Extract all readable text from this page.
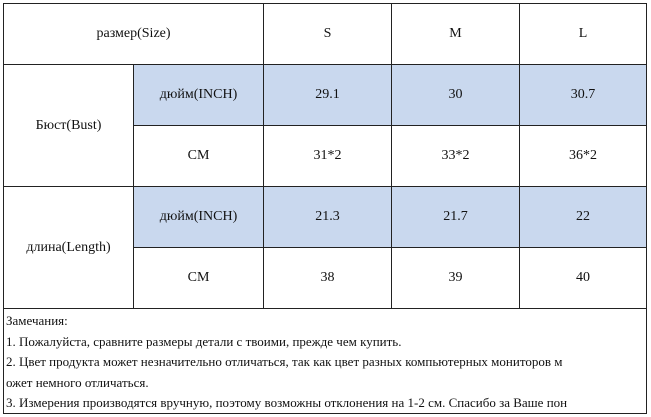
размер(Size)		S	M	L
Бюст(Bust)	дюйм(INCH)	29.1	30	30.7
	CM	31*2	33*2	36*2
длина(Length)	дюйм(INCH)	21.3	21.7	22
	CM	38	39	40
Замечания:
1. Пожалуйста, сравните размеры детали с твоими, прежде чем купить.
2. Цвет продукта может незначительно отличаться, так как цвет разных компьютерных мониторов м
ожет немного отличаться.
3. Измерения производятся вручную, поэтому возможны отклонения на 1-2 см. Спасибо за Ваше пон
